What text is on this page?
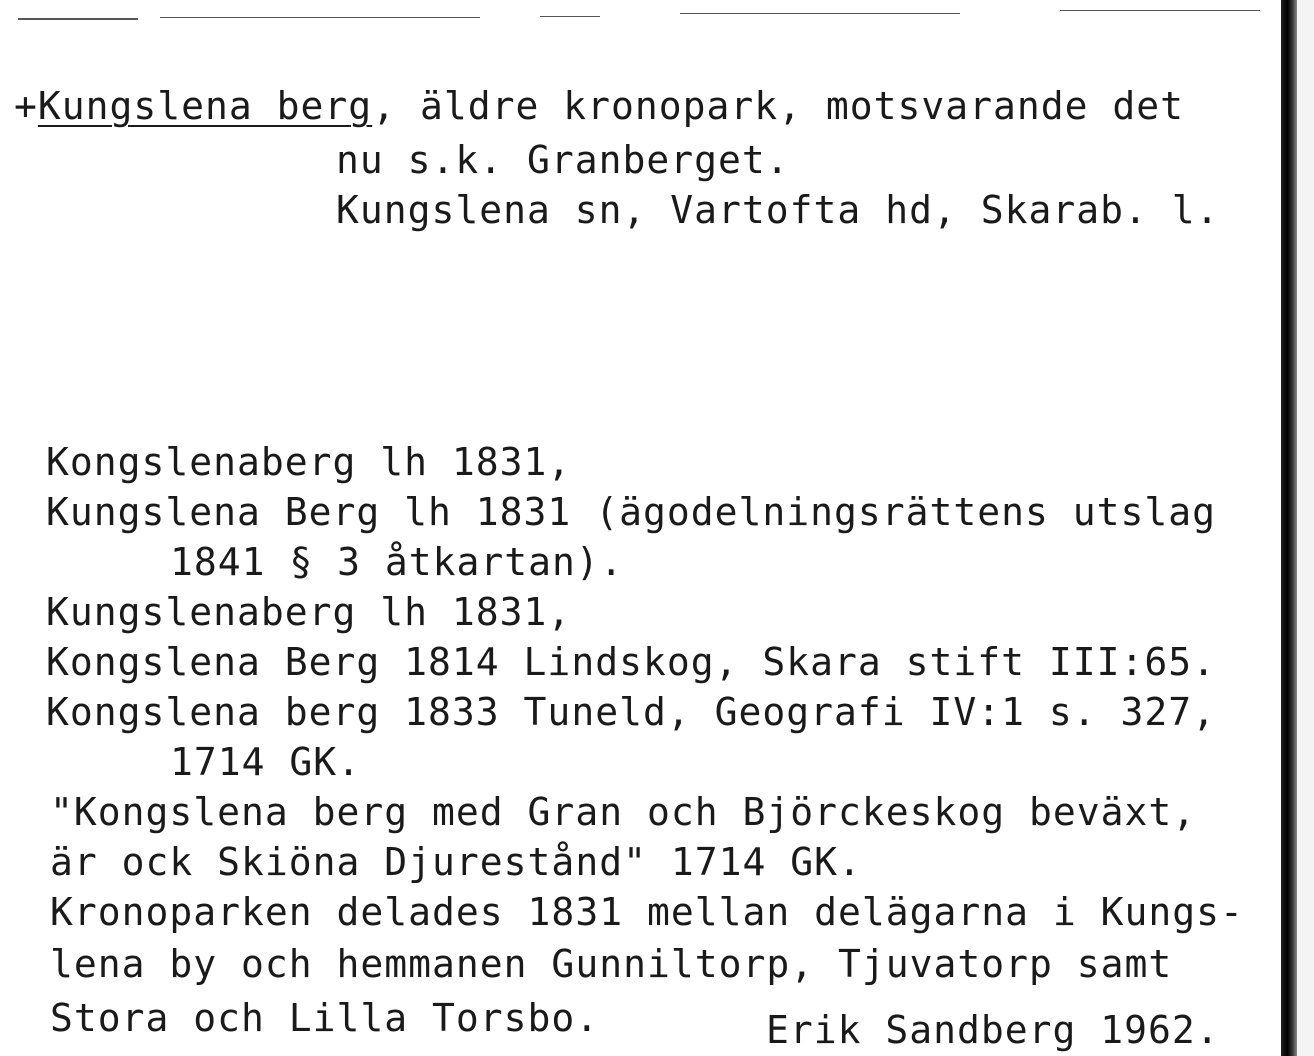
+Kungslena berg, äldre kronopark, motsvarande det
nu s.k. Granberget.
Kungslena sn, Vartofta hd, Skarab. l.
Kongslenaberg lh 1831,
Kungslena Berg lh 1831 (ägodelningsrättens utslag
1841 § 3 åtkartan).
Kungslenaberg lh 1831,
Kongslena Berg 1814 Lindskog, Skara stift III:65.
Kongslena berg 1833 Tuneld, Geografi IV:1 s. 327,
1714 GK.
"Kongslena berg med Gran och Björckeskog beväxt,
är ock Skiöna Djurestånd" 1714 GK.
Kronoparken delades 1831 mellan delägarna i Kungs-
lena by och hemmanen Gunniltorp, Tjuvatorp samt
Stora och Lilla Torsbo.	Erik Sandberg 1962.
